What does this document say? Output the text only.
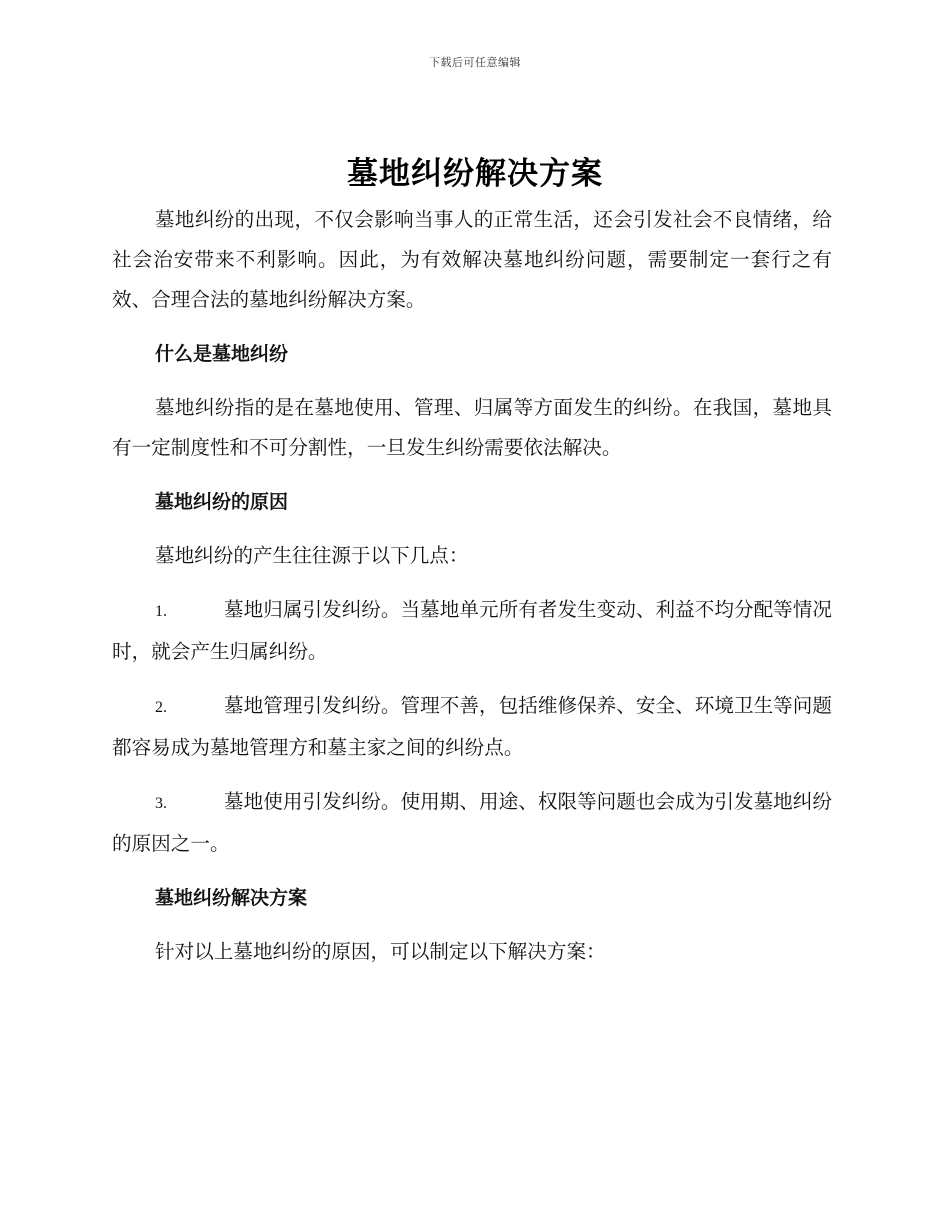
下载后可任意编辑
墓地纠纷解决方案

墓地纠纷的出现，不仅会影响当事人的正常生活，还会引发社会不良情绪，给社会治安带来不利影响。因此，为有效解决墓地纠纷问题，需要制定一套行之有效、合理合法的墓地纠纷解决方案。

什么是墓地纠纷

墓地纠纷指的是在墓地使用、管理、归属等方面发生的纠纷。在我国，墓地具有一定制度性和不可分割性，一旦发生纠纷需要依法解决。

墓地纠纷的原因

墓地纠纷的产生往往源于以下几点：

1.	墓地归属引发纠纷。当墓地单元所有者发生变动、利益不均分配等情况时，就会产生归属纠纷。

2.	墓地管理引发纠纷。管理不善，包括维修保养、安全、环境卫生等问题都容易成为墓地管理方和墓主家之间的纠纷点。

3.	墓地使用引发纠纷。使用期、用途、权限等问题也会成为引发墓地纠纷的原因之一。

墓地纠纷解决方案

针对以上墓地纠纷的原因，可以制定以下解决方案：
